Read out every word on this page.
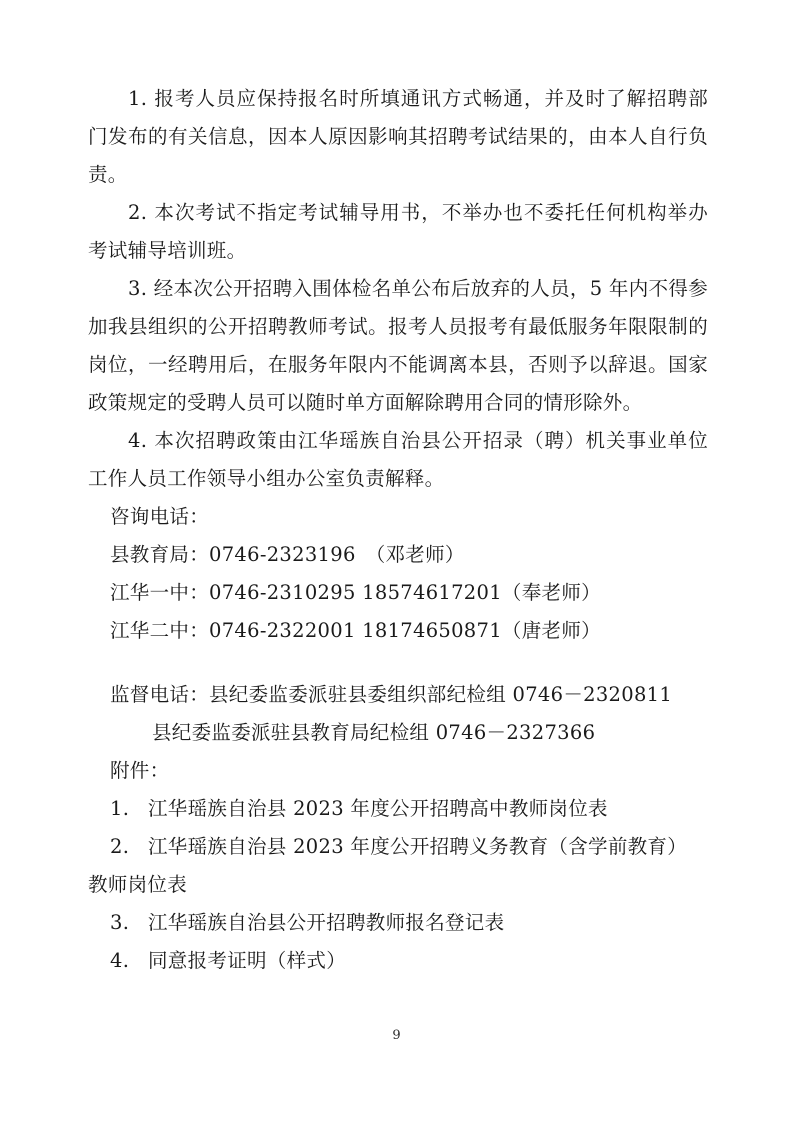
1. 报考人员应保持报名时所填通讯方式畅通，并及时了解招聘部门发布的有关信息，因本人原因影响其招聘考试结果的，由本人自行负责。

2. 本次考试不指定考试辅导用书，不举办也不委托任何机构举办考试辅导培训班。

3. 经本次公开招聘入围体检名单公布后放弃的人员，5 年内不得参加我县组织的公开招聘教师考试。报考人员报考有最低服务年限限制的岗位，一经聘用后，在服务年限内不能调离本县，否则予以辞退。国家政策规定的受聘人员可以随时单方面解除聘用合同的情形除外。

4. 本次招聘政策由江华瑶族自治县公开招录（聘）机关事业单位工作人员工作领导小组办公室负责解释。

咨询电话：

县教育局：0746-2323196　（邓老师）

江华一中：0746-2310295 18574617201（奉老师）

江华二中：0746-2322001 18174650871（唐老师）

监督电话：县纪委监委派驻县委组织部纪检组 0746－2320811

县纪委监委派驻县教育局纪检组 0746－2327366

附件：

1. 江华瑶族自治县 2023 年度公开招聘高中教师岗位表

2. 江华瑶族自治县 2023 年度公开招聘义务教育（含学前教育）

教师岗位表

3. 江华瑶族自治县公开招聘教师报名登记表

4. 同意报考证明（样式）

9
